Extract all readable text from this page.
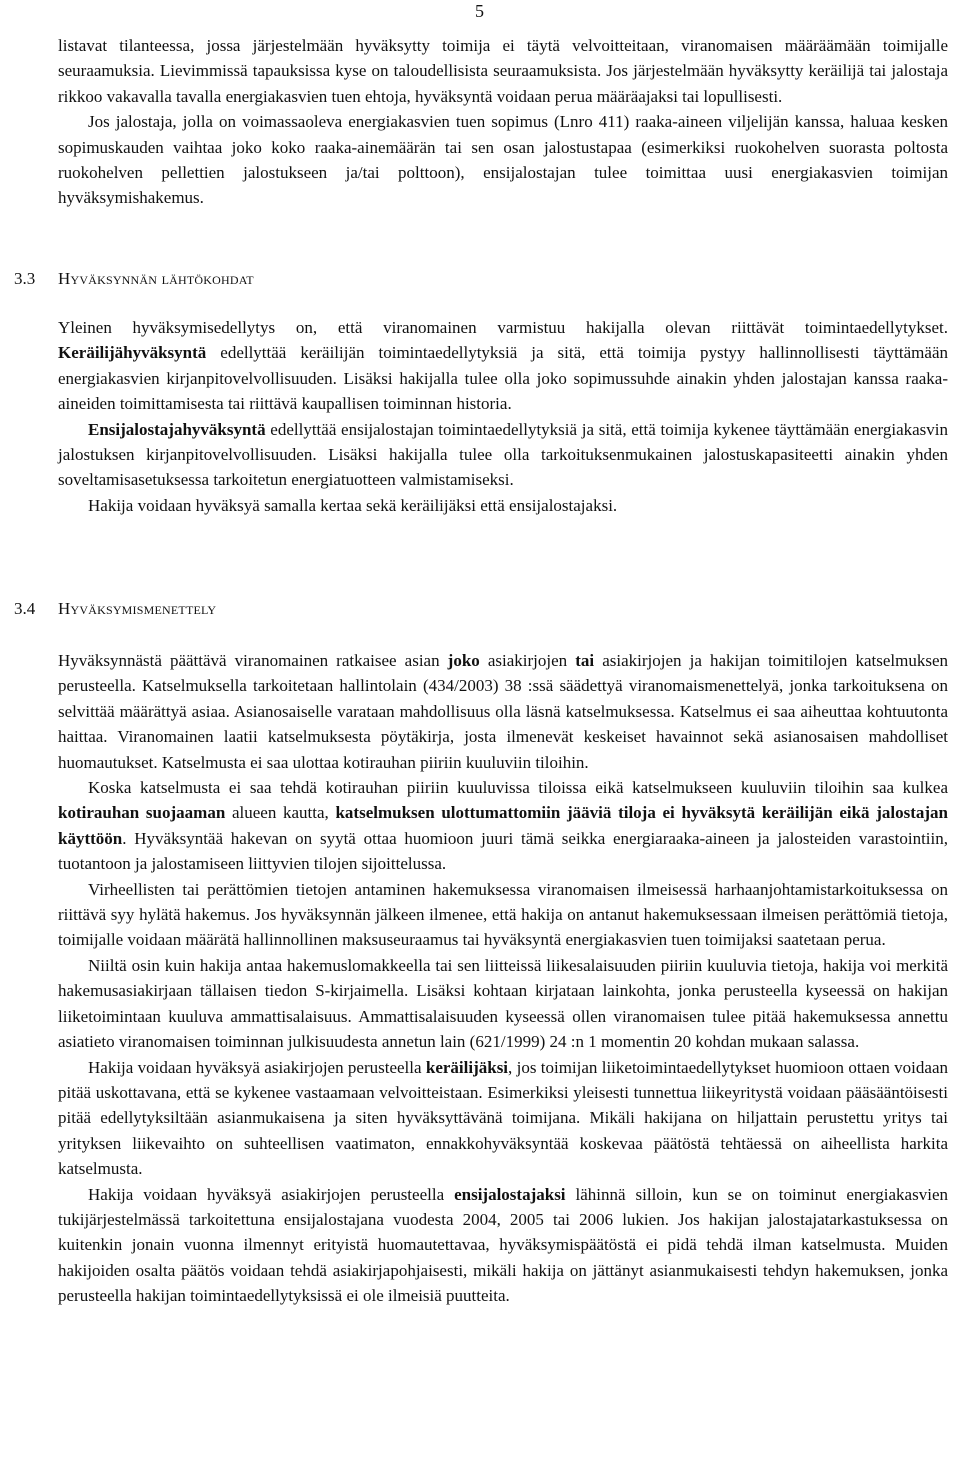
5

listavat tilanteessa, jossa järjestelmään hyväksytty toimija ei täytä velvoitteitaan, viranomaisen määräämään toimijalle seuraamuksia. Lievimmissä tapauksissa kyse on taloudellisista seuraamuksista. Jos järjestelmään hyväksytty keräilijä tai jalostaja rikkoo vakavalla tavalla energiakasvien tuen ehtoja, hyväksyntä voidaan perua määräajaksi tai lopullisesti.

Jos jalostaja, jolla on voimassaoleva energiakasvien tuen sopimus (Lnro 411) raaka-aineen viljelijän kanssa, haluaa kesken sopimuskauden vaihtaa joko koko raaka-ainemäärän tai sen osan jalostustapaa (esimerkiksi ruokohelven suorasta poltosta ruokohelven pellettien jalostukseen ja/tai polttoon), ensijalostajan tulee toimittaa uusi energiakasvien toimijan hyväksymishakemus.

3.3 Hyväksynnän lähtökohdat

Yleinen hyväksymisedellytys on, että viranomainen varmistuu hakijalla olevan riittävät toimintaedellytykset. Keräilijähyväksyntä edellyttää keräilijän toimintaedellytyksiä ja sitä, että toimija pystyy hallinnollisesti täyttämään energiakasvien kirjanpitovelvollisuuden. Lisäksi hakijalla tulee olla joko sopimussuhde ainakin yhden jalostajan kanssa raaka-aineiden toimittamisesta tai riittävä kaupallisen toiminnan historia.

Ensijalostajahyväksyntä edellyttää ensijalostajan toimintaedellytyksiä ja sitä, että toimija kykenee täyttämään energiakasvin jalostuksen kirjanpitovelvollisuuden. Lisäksi hakijalla tulee olla tarkoituksenmukainen jalostuskapasiteetti ainakin yhden soveltamisasetuksessa tarkoitetun energiatuotteen valmistamiseksi.

Hakija voidaan hyväksyä samalla kertaa sekä keräilijäksi että ensijalostajaksi.

3.4 Hyväksymismenettely

Hyväksynnästä päättävä viranomainen ratkaisee asian joko asiakirjojen tai asiakirjojen ja hakijan toimitilojen katselmuksen perusteella. Katselmuksella tarkoitetaan hallintolain (434/2003) 38 :ssä säädettyä viranomaismenettelyä, jonka tarkoituksena on selvittää määrättyä asiaa. Asianosaiselle varataan mahdollisuus olla läsnä katselmuksessa. Katselmus ei saa aiheuttaa kohtuutonta haittaa. Viranomainen laatii katselmuksesta pöytäkirja, josta ilmenevät keskeiset havainnot sekä asianosaisen mahdolliset huomautukset. Katselmusta ei saa ulottaa kotirauhan piiriin kuuluviin tiloihin.

Koska katselmusta ei saa tehdä kotirauhan piiriin kuuluvissa tiloissa eikä katselmukseen kuuluviin tiloihin saa kulkea kotirauhan suojaaman alueen kautta, katselmuksen ulottumattomiin jääviä tiloja ei hyväksytä keräilijän eikä jalostajan käyttöön. Hyväksyntää hakevan on syytä ottaa huomioon juuri tämä seikka energiaraaka-aineen ja jalosteiden varastointiin, tuotantoon ja jalostamiseen liittyvien tilojen sijoittelussa.

Virheellisten tai perättömien tietojen antaminen hakemuksessa viranomaisen ilmeisessä harhaanjohtamistarkoituksessa on riittävä syy hylätä hakemus. Jos hyväksynnän jälkeen ilmenee, että hakija on antanut hakemuksessaan ilmeisen perättömiä tietoja, toimijalle voidaan määrätä hallinnollinen maksuseuraamus tai hyväksyntä energiakasvien tuen toimijaksi saatetaan perua.

Niiltä osin kuin hakija antaa hakemuslomakkeella tai sen liitteissä liikesalaisuuden piiriin kuuluvia tietoja, hakija voi merkitä hakemusasiakirjaan tällaisen tiedon S-kirjaimella. Lisäksi kohtaan kirjataan lainkohta, jonka perusteella kyseessä on hakijan liiketoimintaan kuuluva ammattisalaisuus. Ammattisalaisuuden kyseessä ollen viranomaisen tulee pitää hakemuksessa annettu asiatieto viranomaisen toiminnan julkisuudesta annetun lain (621/1999) 24 :n 1 momentin 20 kohdan mukaan salassa.

Hakija voidaan hyväksyä asiakirjojen perusteella keräilijäksi, jos toimijan liiketoimintaedellytykset huomioon ottaen voidaan pitää uskottavana, että se kykenee vastaamaan velvoitteistaan. Esimerkiksi yleisesti tunnettua liikeyritystä voidaan pääsääntöisesti pitää edellytyksiltään asianmukaisena ja siten hyväksyttävänä toimijana. Mikäli hakijana on hiljattain perustettu yritys tai yrityksen liikevaihto on suhteellisen vaatimaton, ennakkohyväksyntää koskevaa päätöstä tehtäessä on aiheellista harkita katselmusta.

Hakija voidaan hyväksyä asiakirjojen perusteella ensijalostajaksi lähinnä silloin, kun se on toiminut energiakasvien tukijärjestelmässä tarkoitettuna ensijalostajana vuodesta 2004, 2005 tai 2006 lukien. Jos hakijan jalostajatarkastuksessa on kuitenkin jonain vuonna ilmennyt erityistä huomautettavaa, hyväksymispäätöstä ei pidä tehdä ilman katselmusta. Muiden hakijoiden osalta päätös voidaan tehdä asiakirjapohjaisesti, mikäli hakija on jättänyt asianmukaisesti tehdyn hakemuksen, jonka perusteella hakijan toimintaedellytyksissä ei ole ilmeisiä puutteita.
